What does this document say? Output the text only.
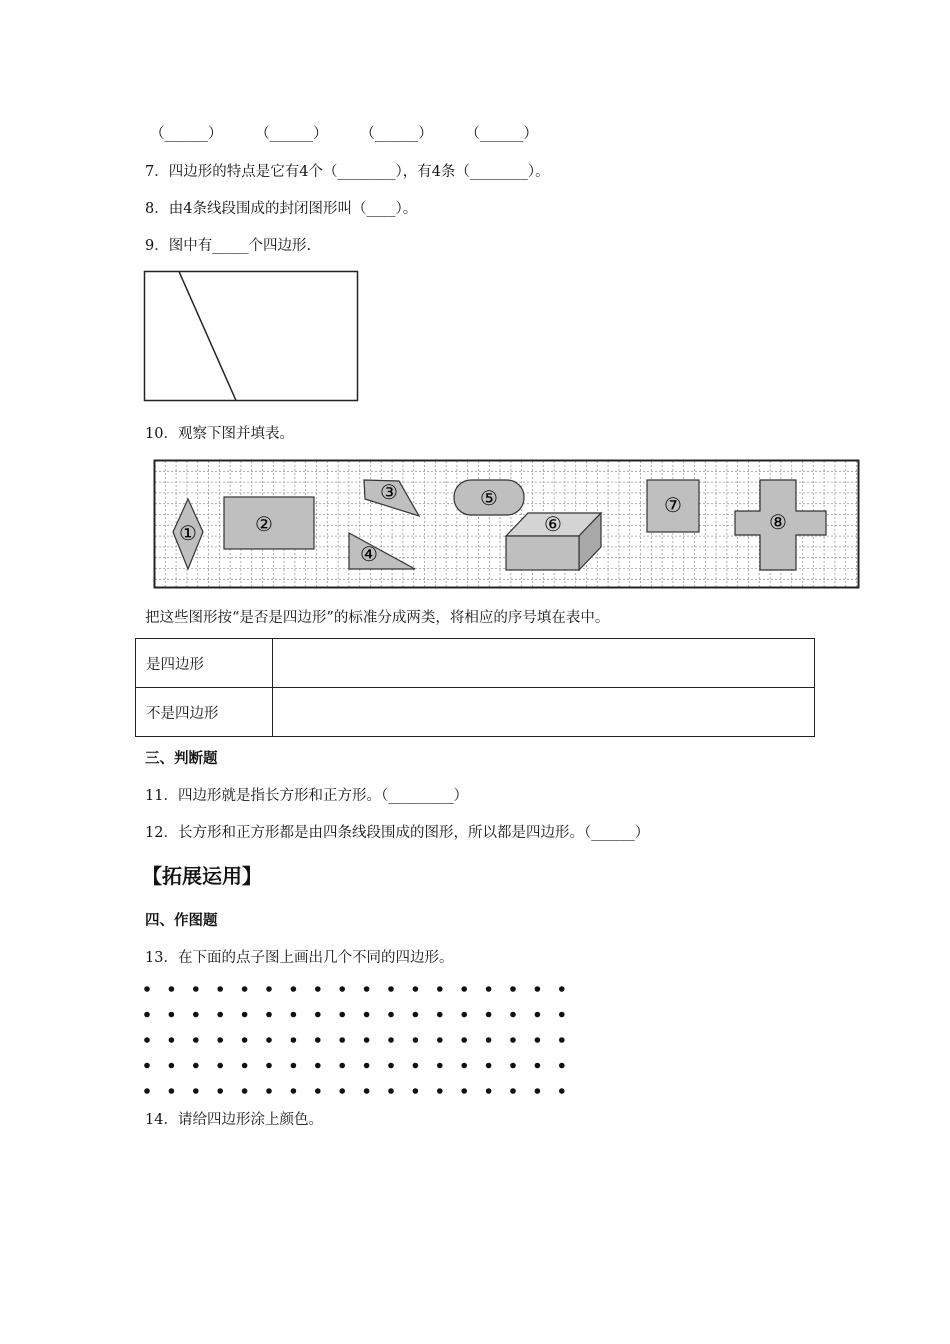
（______） （______） （______） （______）
7．四边形的特点是它有4个（________），有4条（________）。
8．由4条线段围成的封闭图形叫（____）。
9．图中有_____个四边形.
10．观察下图并填表。
①	②
③
④
⑤
⑥
⑦
⑧
把这些图形按“是否是四边形”的标准分成两类，将相应的序号填在表中。
是四边形	
不是四边形	
三、判断题
11．四边形就是指长方形和正方形。（_________）
12．长方形和正方形都是由四条线段围成的图形，所以都是四边形。（______）
【拓展运用】
四、作图题
13．在下面的点子图上画出几个不同的四边形。
14．请给四边形涂上颜色。
